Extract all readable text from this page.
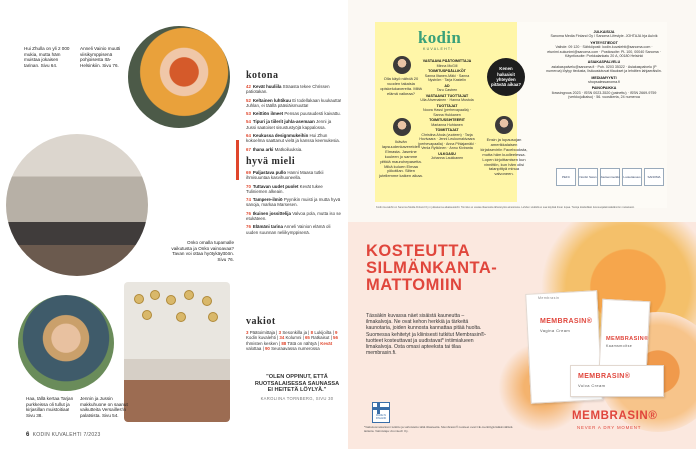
Hui Zhulla on yli 2 000 mukia, mutta häm muistaa jokaisen tarinan. Sivu 64.
Anneli Vainio muutti viisikymppisenä pohjoisesta Itä-Helsinkiin. Sivu 76.
Onko omalla tupamalle vaikutusta ja Onko vainoavaa? Tavan voi ottaa hyötykäyttöön. Sivu 76.
Haa, tällä kertaa Tarjan purkkeissa oli tullut ja kirjasillan muistoitiaa! Sivu 38.
Jennin ja Jussin makkuhuone on saanut vaikutteita Versailles'in palatsista. Sivu 54.
kotona
42 Kevät huuliila Straasta tekee Chrissen patiotakan.
52 Keltainen luhtikuu Ei todellakaan kuukautta! Juhlan, ei täällä pääsiäismuutta!
53 Keittiön ilmeet Pensas puuraudesti kaivattu.
54 Tipuri ja tiilerit juhla-asemaan Jenni ja Jussi saatoiset sisustustyöjä kappalossa.
64 Keukussa designmukeihin Hui Zhun kokoelma saattanut vielä ja kanssa keemukesia.
67 Ihana arki Matkoiluuksia.
hyvä mieli
69 Paljastava pullo Hanni Maasa tutkii ihmisuuntaa kasvihuoneella.
70 Tuttavan uudet puolet Kevät tukee Tuliniemen alkeain.
74 Tampere-ilmiö Pyynikin muisti ja mutta hyvä sanoja, markaa Marsesen.
76 Ikuinen jossittelija Valvoa pola, mutta iso se etukäteen.
76 Elämäni tarina Anneli Vainion elämä oli uuden suunnan neliikymppisenä.
vakiot
3 Päätoimittaja | 3 Sesonkilla ja | 8 Lukijoilta | 9 Kodin kuvalehti | 34 Kolumni | 65 Ratkaisut | 56 Ihmisten kesken | 88 Tätä on nähtyä | Kevät valottaa | 90 Seuraavassa numerossa
"OLEN OPPINUT, ETTÄ RUOTSALAISESSA SAUNASSA EI HEITETÄ LÖYLYÄ."
KAROLIINA TORNBERG, SIVU 30
6 KODIN KUVALEHTI 7/2023
kodin
KUVALEHTI
VASTAAVA PÄÄTOIMITTAJA
Minna McGill
TOIMITUSPÄÄLLIKÖT
Sanna Iltanen-Mäki · Sanna Nyström · Tarja Kastelin
AD
Taru Castren
VASTAAVAT TUOTTAJAT
Ulla Ahvenainen · Hanna Mustola
TUOTTAJAT
Noora Hassi (perhevapaalla) · Sanna Hukkanen
TOIMITUSSIHTEERIT
Marianna Huhtanen
TOIMITTAJAT
Christina Ahola (vuoteen) · Tarja Hovivaara · Jenni Leukumakivaara (perhevapaalla) · Anna Pihlajamäki · Venla Rytkönen · Annu Kiviranta
ULKOASU
Johanna Laukkanen
Olla käyö nähdä 20 vuoden takaisia opiskelukavereita. Miltä elämä vaikeaa?
Ikävän lapsuudenkavereiden Elmasta. Jasmine kuuleen jo samme pittkiä mauruhepasetta. Mikä kuluen Elmaa yökotilan. Silten jutellemme kaiken aikaa.
Kenen haluaisit yhteyden pitävää aikaa?
Ensin ja lupausojan amerikkalaisen kirjakseviriin Facebooksta, mutta häm kuolleelessa. Lopen kirjoittamisen kun vinnittiin, kun häm olisi taianpittyä minua valvoneen.
JULKAISIJA
Sanoma Media Finland Oy / Sanoma Lifestyle. JOHTAJA Irja Aulvik
YHTEYSTIEDOT
Vaihde: 09 120 · Sähköposti: kodin.kuvalehti@sanoma.com · etunimi.sukunimi@sanoma.com · Postiosoite: PL 100, 00040 Sanoma · Käyntiosoite: Porkkalankatu 20 A, 00180 Helsinki
ASIAKASPALVELU
asiakaspalvelu@sanoma.fi · Puh. 0203 35322 · Asiakaspalvelu (P numeroa) löytyy tiedusta, lisäuusiutuvat tilaukset ja lehdtien lahjaeräisiin.
MEDIAMYYNTI
shopsalessanoma.fi
PAINOPAIKKA
Ilowsingrous 2023 · ISSN 0023-3520 (painettu) · ISSN 2669-9759 (verkkojulkaisu) · 56. vuosikerta, 24 numeroa
PEFC	Nordic Swan	Joutsenmerkki	Luotettavuus	SANOMA
Kodin kuvalehti on Sanoma Media Finland Oy:n julkaisema aikakauslehti. Toimitus ei vastaa tilaamatta lähetetystä aineistosta. Lehden sisältöä ei saa käyttää ilman lupaa. Tietoja käsitellään tietosuojalainsäädännön mukaisesti.
KOSTEUTTA SILMÄNKANTA-MATTOMIIN
Tässäkin kuvassa näet sisäistä kauneutta – ilmakalvoja. Ne ovat kehon herkkiä ja tärkeitä kaunotaria, joiden kunnosta kannattaa pitää huolta. Suomessa kehitetyt ja kliinisesti tutkitut Membrasin®-tuotteet kosteuttavat ja uudistavat* intiimialueen limakalvoja. Osta omasi apteeksta tai tilaa membrasin.fi.
MEMBRASIN®
Vagina Cream
Membrasin
MEMBRASIN®
Kaamsmoitse
MEMBRASIN®
Vulva Cream
MEMBRASIN®
NEVER A DRY MOMENT
MADE IN FINLAND
*Vaikutusmekanismi tutkittu ja vahvistettu tältä tiliasteelta. Membrasin®-tuotteet ovat CE-merkittyjä lääkinnällisiä laitteita. Valmistaja: Aromtech Oy.
